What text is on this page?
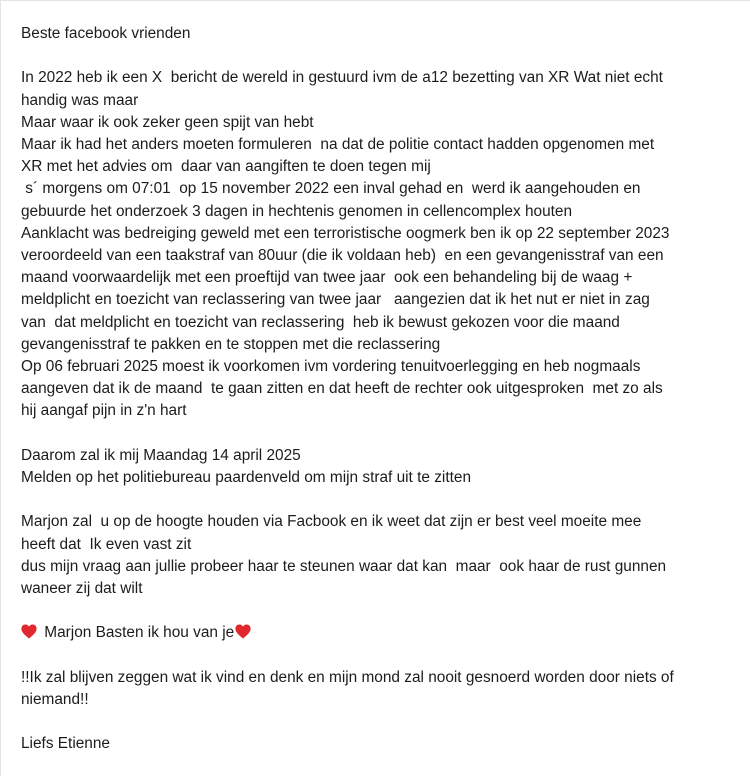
Beste facebook vrienden
In 2022 heb ik een X  bericht de wereld in gestuurd ivm de a12 bezetting van XR Wat niet echt
handig was maar
Maar waar ik ook zeker geen spijt van hebt
Maar ik had het anders moeten formuleren  na dat de politie contact hadden opgenomen met
XR met het advies om  daar van aangiften te doen tegen mij
s´ morgens om 07:01  op 15 november 2022 een inval gehad en  werd ik aangehouden en
gebuurde het onderzoek 3 dagen in hechtenis genomen in cellencomplex houten
Aanklacht was bedreiging geweld met een terroristische oogmerk ben ik op 22 september 2023
veroordeeld van een taakstraf van 80uur (die ik voldaan heb)  en een gevangenisstraf van een
maand voorwaardelijk met een proeftijd van twee jaar  ook een behandeling bij de waag +
meldplicht en toezicht van reclassering van twee jaar   aangezien dat ik het nut er niet in zag
van  dat meldplicht en toezicht van reclassering  heb ik bewust gekozen voor die maand
gevangenisstraf te pakken en te stoppen met die reclassering
Op 06 februari 2025 moest ik voorkomen ivm vordering tenuitvoerlegging en heb nogmaals
aangeven dat ik de maand  te gaan zitten en dat heeft de rechter ook uitgesproken  met zo als
hij aangaf pijn in z'n hart
Daarom zal ik mij Maandag 14 april 2025
Melden op het politiebureau paardenveld om mijn straf uit te zitten
Marjon zal  u op de hoogte houden via Facbook en ik weet dat zijn er best veel moeite mee
heeft dat  Ik even vast zit
dus mijn vraag aan jullie probeer haar te steunen waar dat kan  maar  ook haar de rust gunnen
waneer zij dat wilt
Marjon Basten ik hou van je
!!Ik zal blijven zeggen wat ik vind en denk en mijn mond zal nooit gesnoerd worden door niets of
niemand!!
Liefs Etienne
